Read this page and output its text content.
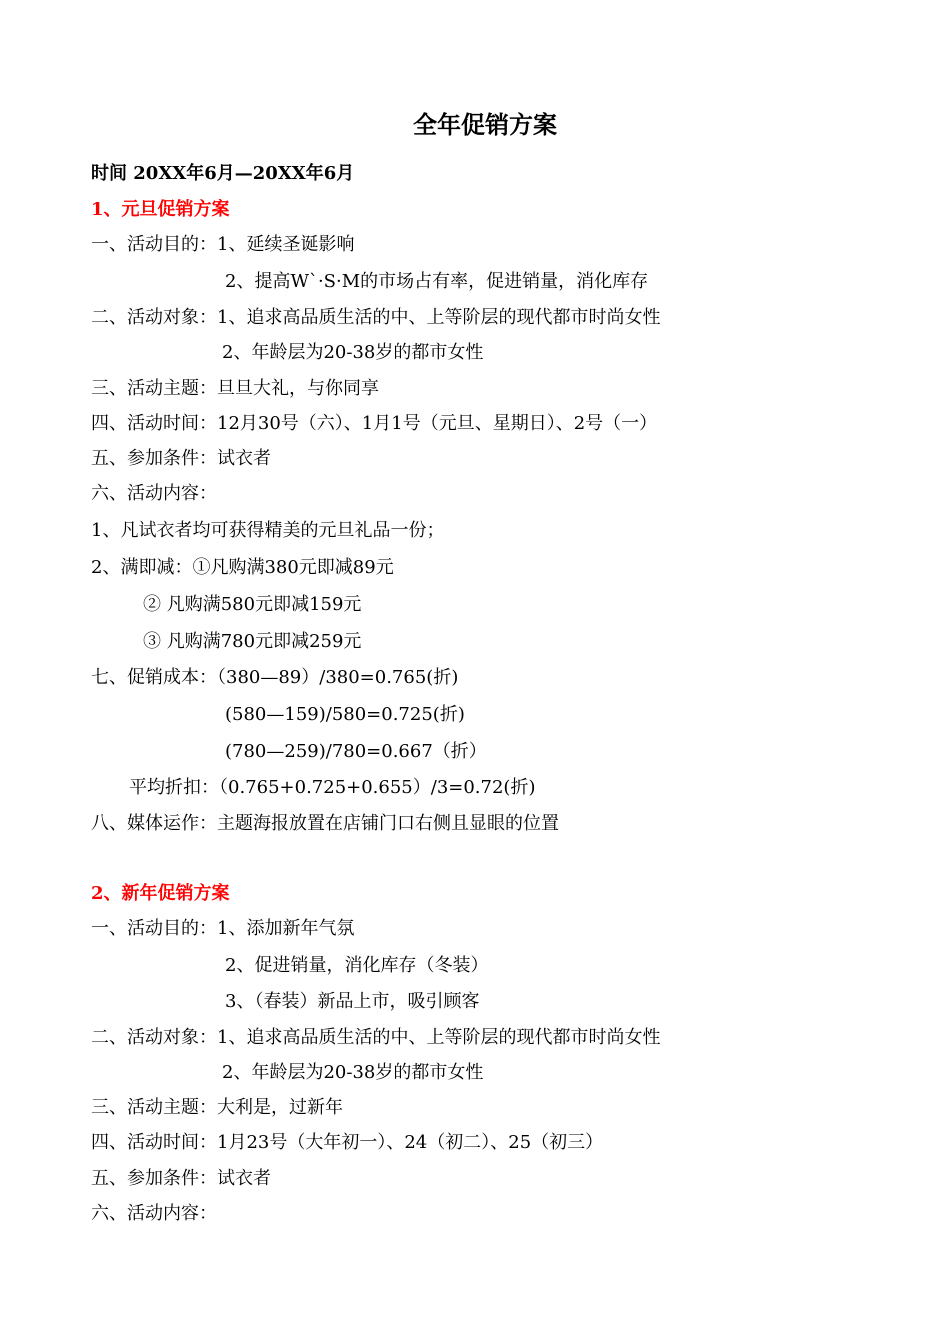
全年促销方案
时间 20XX年6月—20XX年6月
1、元旦促销方案
一、活动目的：1、延续圣诞影响
2、提高W`·S·M的市场占有率，促进销量，消化库存
二、活动对象：1、追求高品质生活的中、上等阶层的现代都市时尚女性
2、年龄层为20-38岁的都市女性
三、活动主题：旦旦大礼，与你同享
四、活动时间：12月30号（六）、1月1号（元旦、星期日）、2号（一）
五、参加条件：试衣者
六、活动内容：
1、凡试衣者均可获得精美的元旦礼品一份；
2、满即减：①凡购满380元即减89元
② 凡购满580元即减159元
③ 凡购满780元即减259元
七、促销成本：（380—89）/380=0.765(折)
(580—159)/580=0.725(折)
(780—259)/780=0.667（折）
平均折扣：（0.765+0.725+0.655）/3=0.72(折)
八、媒体运作：主题海报放置在店铺门口右侧且显眼的位置
2、新年促销方案
一、活动目的：1、添加新年气氛
2、促进销量，消化库存（冬装）
3、（春装）新品上市，吸引顾客
二、活动对象：1、追求高品质生活的中、上等阶层的现代都市时尚女性
2、年龄层为20-38岁的都市女性
三、活动主题：大利是，过新年
四、活动时间：1月23号（大年初一）、24（初二）、25（初三）
五、参加条件：试衣者
六、活动内容：
